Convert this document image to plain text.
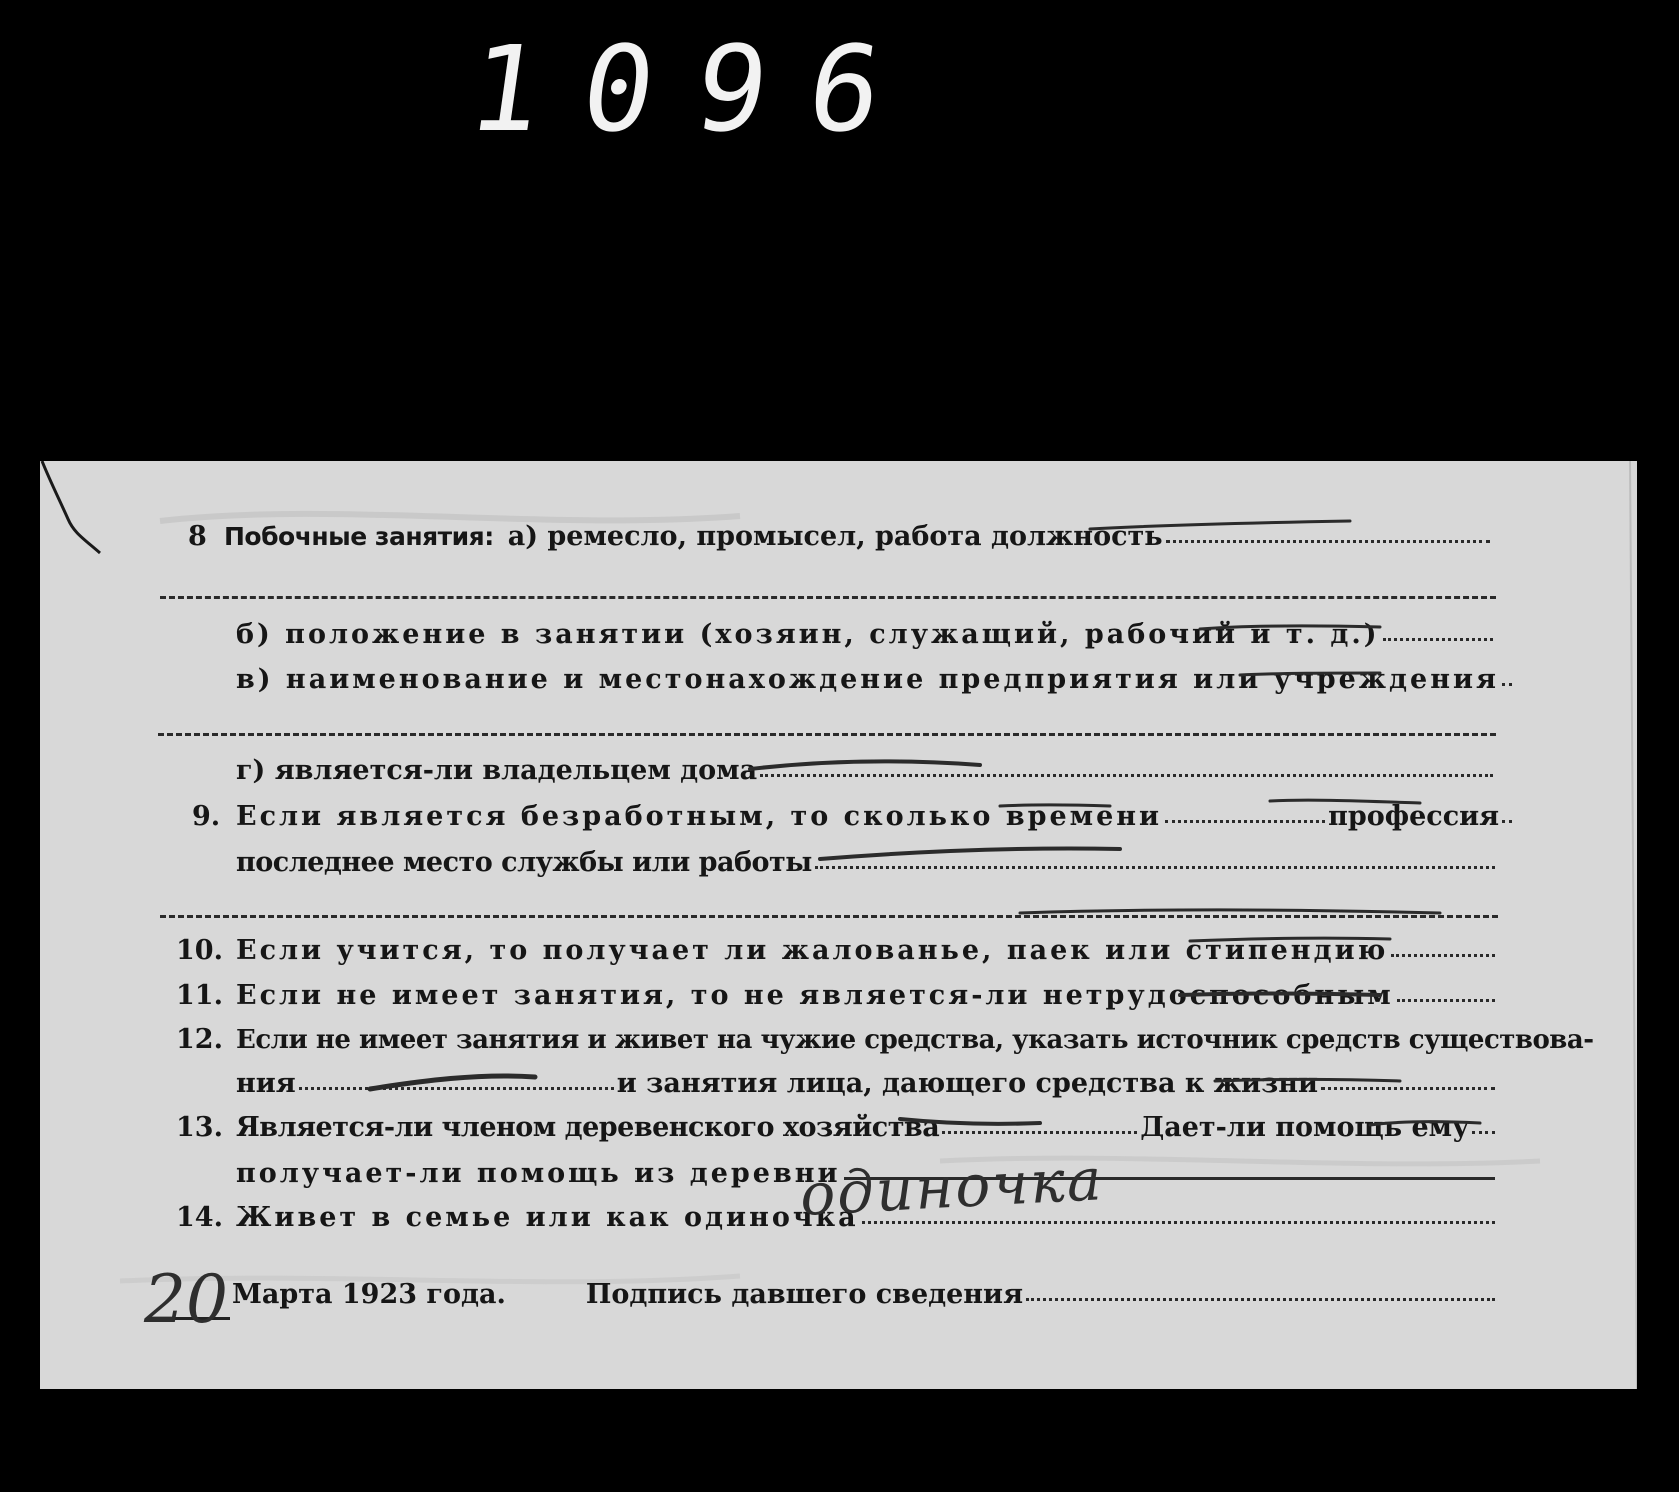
1096
8 Побочные занятия: а) ремесло, промысел, работа должность
б) положение в занятии (хозяин, служащий, рабочий и т. д.)
в) наименование и местонахождение предприятия или учреждения
г) является-ли владельцем дома
9. Если является безработным, то сколько времени	профессия
последнее место службы или работы
10. Если учится, то получает ли жалованье, паек или стипендию
11. Если не имеет занятия, то не является-ли нетрудоспособным
12. Если не имеет занятия и живет на чужие средства, указать источник средств существова-
ния	и занятия лица, дающего средства к жизни
13. Является-ли членом деревенского хозяйства	Дает-ли помощь ему
получает-ли помощь из деревни
14. Живет в семье или как одиночка
Марта 1923 года.	Подпись давшего сведения
одиночка
20
